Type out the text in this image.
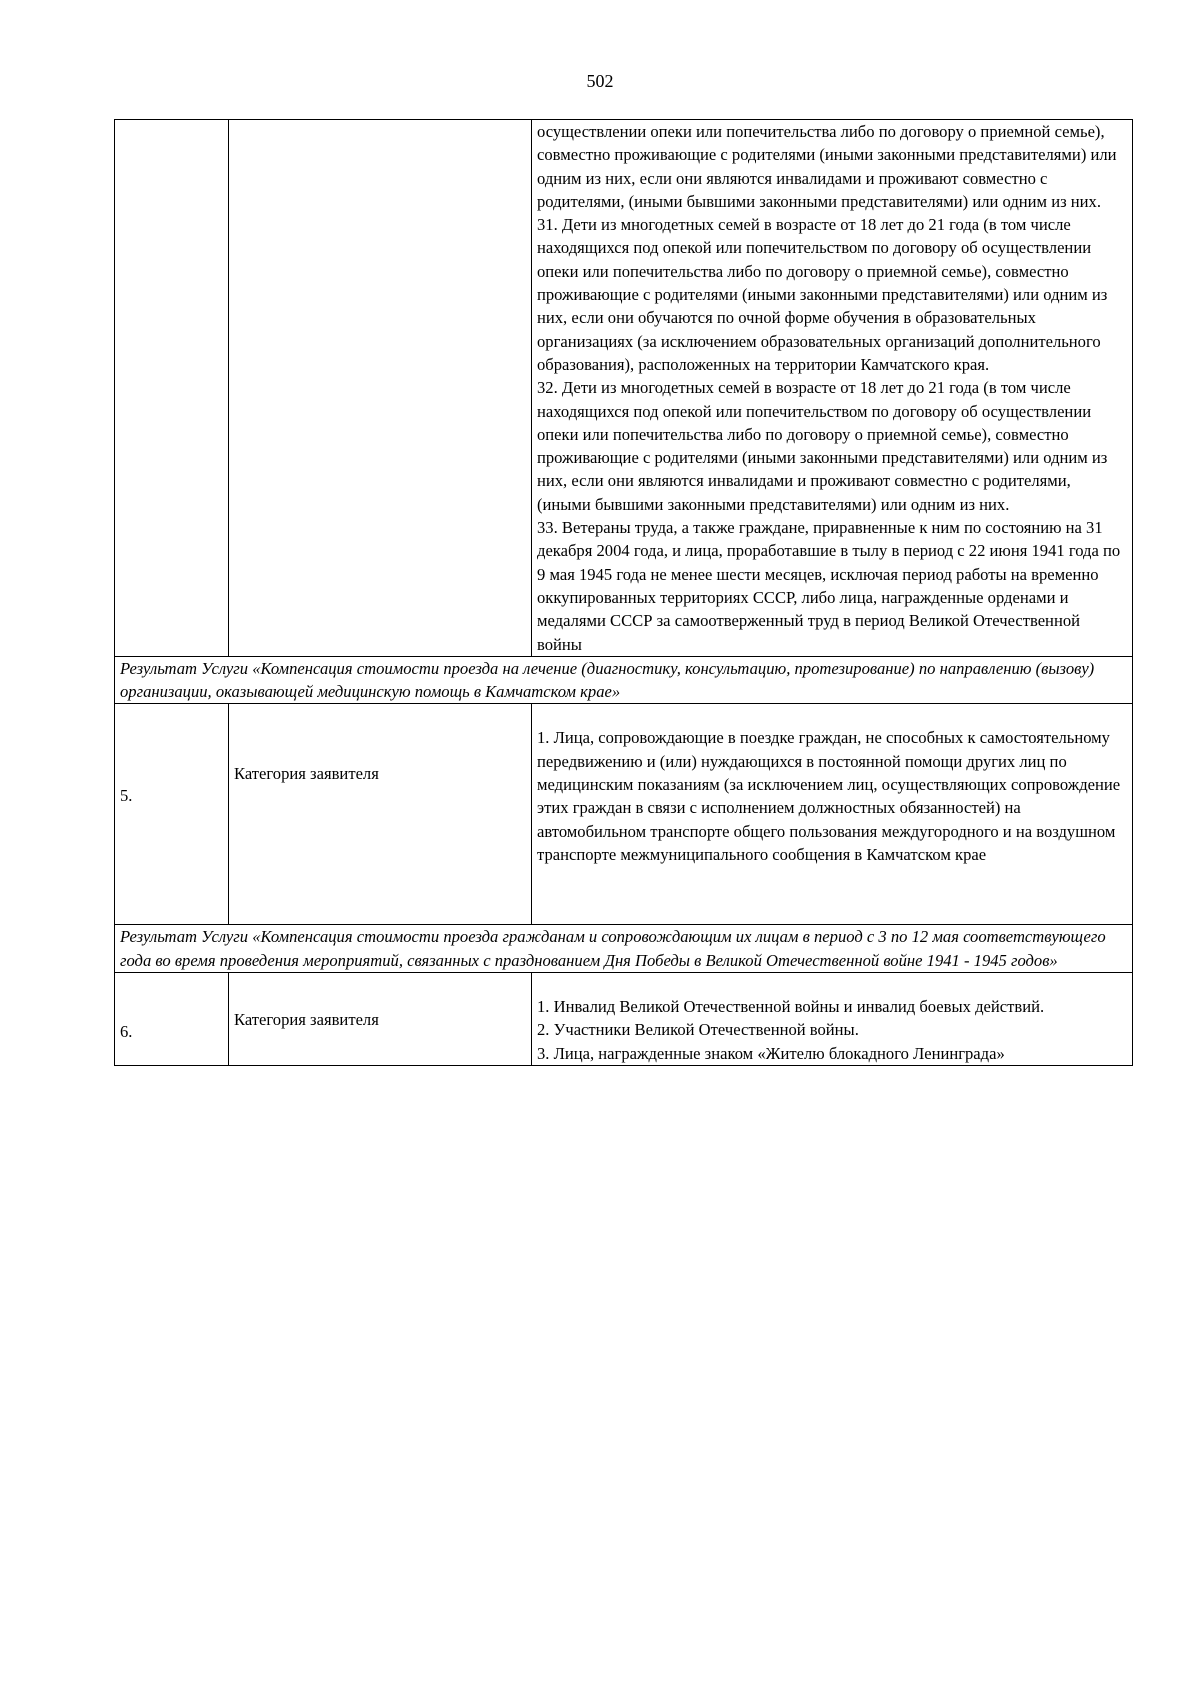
502

		осуществлении опеки или попечительства либо по договору о приемной семье), совместно проживающие с родителями (иными законными представителями) или одним из них, если они являются инвалидами и проживают совместно с родителями, (иными бывшими законными представителями) или одним из них.
31. Дети из многодетных семей в возрасте от 18 лет до 21 года (в том числе находящихся под опекой или попечительством по договору об осуществлении опеки или попечительства либо по договору о приемной семье), совместно проживающие с родителями (иными законными представителями) или одним из них, если они обучаются по очной форме обучения в образовательных организациях (за исключением образовательных организаций дополнительного образования), расположенных на территории Камчатского края.
32. Дети из многодетных семей в возрасте от 18 лет до 21 года (в том числе находящихся под опекой или попечительством по договору об осуществлении опеки или попечительства либо по договору о приемной семье), совместно проживающие с родителями (иными законными представителями) или одним из них, если они являются инвалидами и проживают совместно с родителями, (иными бывшими законными представителями) или одним из них.
33. Ветераны труда, а также граждане, приравненные к ним по состоянию на 31 декабря 2004 года, и лица, проработавшие в тылу в период с 22 июня 1941 года по 9 мая 1945 года не менее шести месяцев, исключая период работы на временно оккупированных территориях СССР, либо лица, награжденные орденами и медалями СССР за самоотверженный труд в период Великой Отечественной войны

Результат Услуги «Компенсация стоимости проезда на лечение (диагностику, консультацию, протезирование) по направлению (вызову) организации, оказывающей медицинскую помощь в Камчатском крае»		
5.	Категория заявителя	1. Лица, сопровождающие в поездке граждан, не способных к самостоятельному передвижению и (или) нуждающихся в постоянной помощи других лиц по медицинским показаниям (за исключением лиц, осуществляющих сопровождение этих граждан в связи с исполнением должностных обязанностей) на автомобильном транспорте общего пользования междугородного и на воздушном транспорте межмуниципального сообщения в Камчатском крае

Результат Услуги «Компенсация стоимости проезда гражданам и сопровождающим их лицам в период с 3 по 12 мая соответствующего года во время проведения мероприятий, связанных с празднованием Дня Победы в Великой Отечественной войне 1941 - 1945 годов»		
6.	Категория заявителя	1. Инвалид Великой Отечественной войны и инвалид боевых действий.
2. Участники Великой Отечественной войны.
3. Лица, награжденные знаком «Жителю блокадного Ленинграда»
